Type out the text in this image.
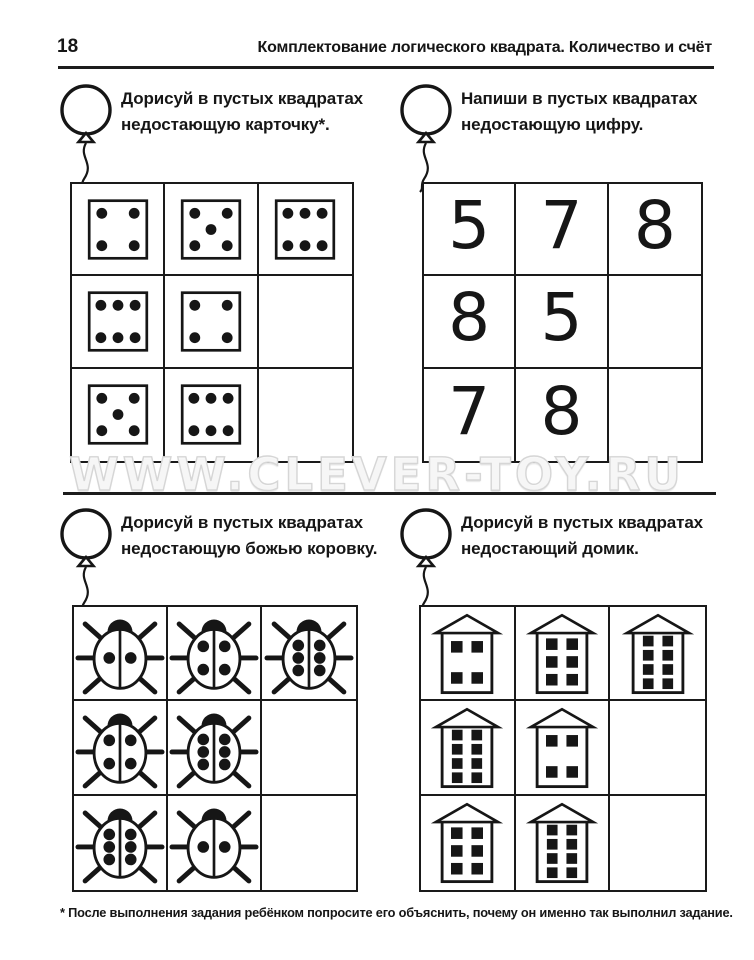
18	Комплектование логического квадрата. Количество и счёт
Дорисуй в пустых квадратах
недостающую карточку*.
Напиши в пустых квадратах
недостающую цифру.
5 7 8
8 5
7 8
WWW.CLEVER-TOY.RU
Дорисуй в пустых квадратах
недостающую божью коровку.
Дорисуй в пустых квадратах
недостающий домик.
* После выполнения задания ребёнком попросите его объяснить, почему он именно так выполнил задание.
